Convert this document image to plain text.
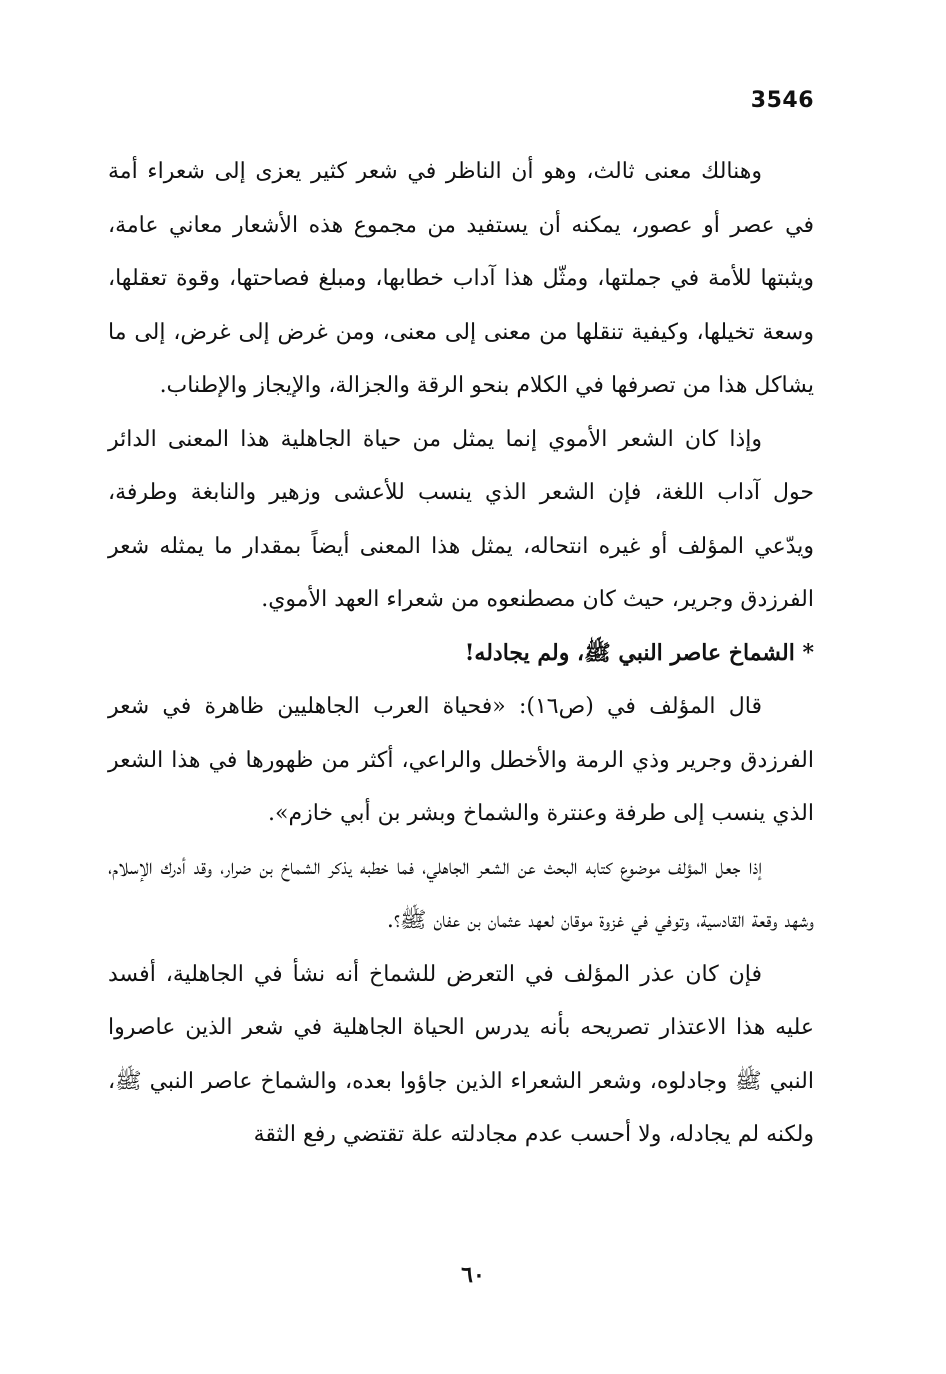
3546

وهنالك معنى ثالث، وهو أن الناظر في شعر كثير يعزى إلى شعراء أمة في عصر أو عصور، يمكنه أن يستفيد من مجموع هذه الأشعار معاني عامة، ويثبتها للأمة في جملتها، ومثّل هذا آداب خطابها، ومبلغ فصاحتها، وقوة تعقلها، وسعة تخيلها، وكيفية تنقلها من معنى إلى معنى، ومن غرض إلى غرض، إلى ما يشاكل هذا من تصرفها في الكلام بنحو الرقة والجزالة، والإيجاز والإطناب.

وإذا كان الشعر الأموي إنما يمثل من حياة الجاهلية هذا المعنى الدائر حول آداب اللغة، فإن الشعر الذي ينسب للأعشى وزهير والنابغة وطرفة، ويدّعي المؤلف أو غيره انتحاله، يمثل هذا المعنى أيضاً بمقدار ما يمثله شعر الفرزدق وجرير، حيث كان مصطنعوه من شعراء العهد الأموي.

* الشماخ عاصر النبي ﷺ، ولم يجادله!

قال المؤلف في (ص١٦): «فحياة العرب الجاهليين ظاهرة في شعر الفرزدق وجرير وذي الرمة والأخطل والراعي، أكثر من ظهورها في هذا الشعر الذي ينسب إلى طرفة وعنترة والشماخ وبشر بن أبي خازم».

إذا جعل المؤلف موضوع كتابه البحث عن الشعر الجاهلي، فما خطبه يذكر الشماخ بن ضرار، وقد أدرك الإسلام، وشهد وقعة القادسية، وتوفي في غزوة موقان لعهد عثمان بن عفان ﷺ؟.

فإن كان عذر المؤلف في التعرض للشماخ أنه نشأ في الجاهلية، أفسد عليه هذا الاعتذار تصريحه بأنه يدرس الحياة الجاهلية في شعر الذين عاصروا النبي ﷺ وجادلوه، وشعر الشعراء الذين جاؤوا بعده، والشماخ عاصر النبي ﷺ، ولكنه لم يجادله، ولا أحسب عدم مجادلته علة تقتضي رفع الثقة

٦٠
